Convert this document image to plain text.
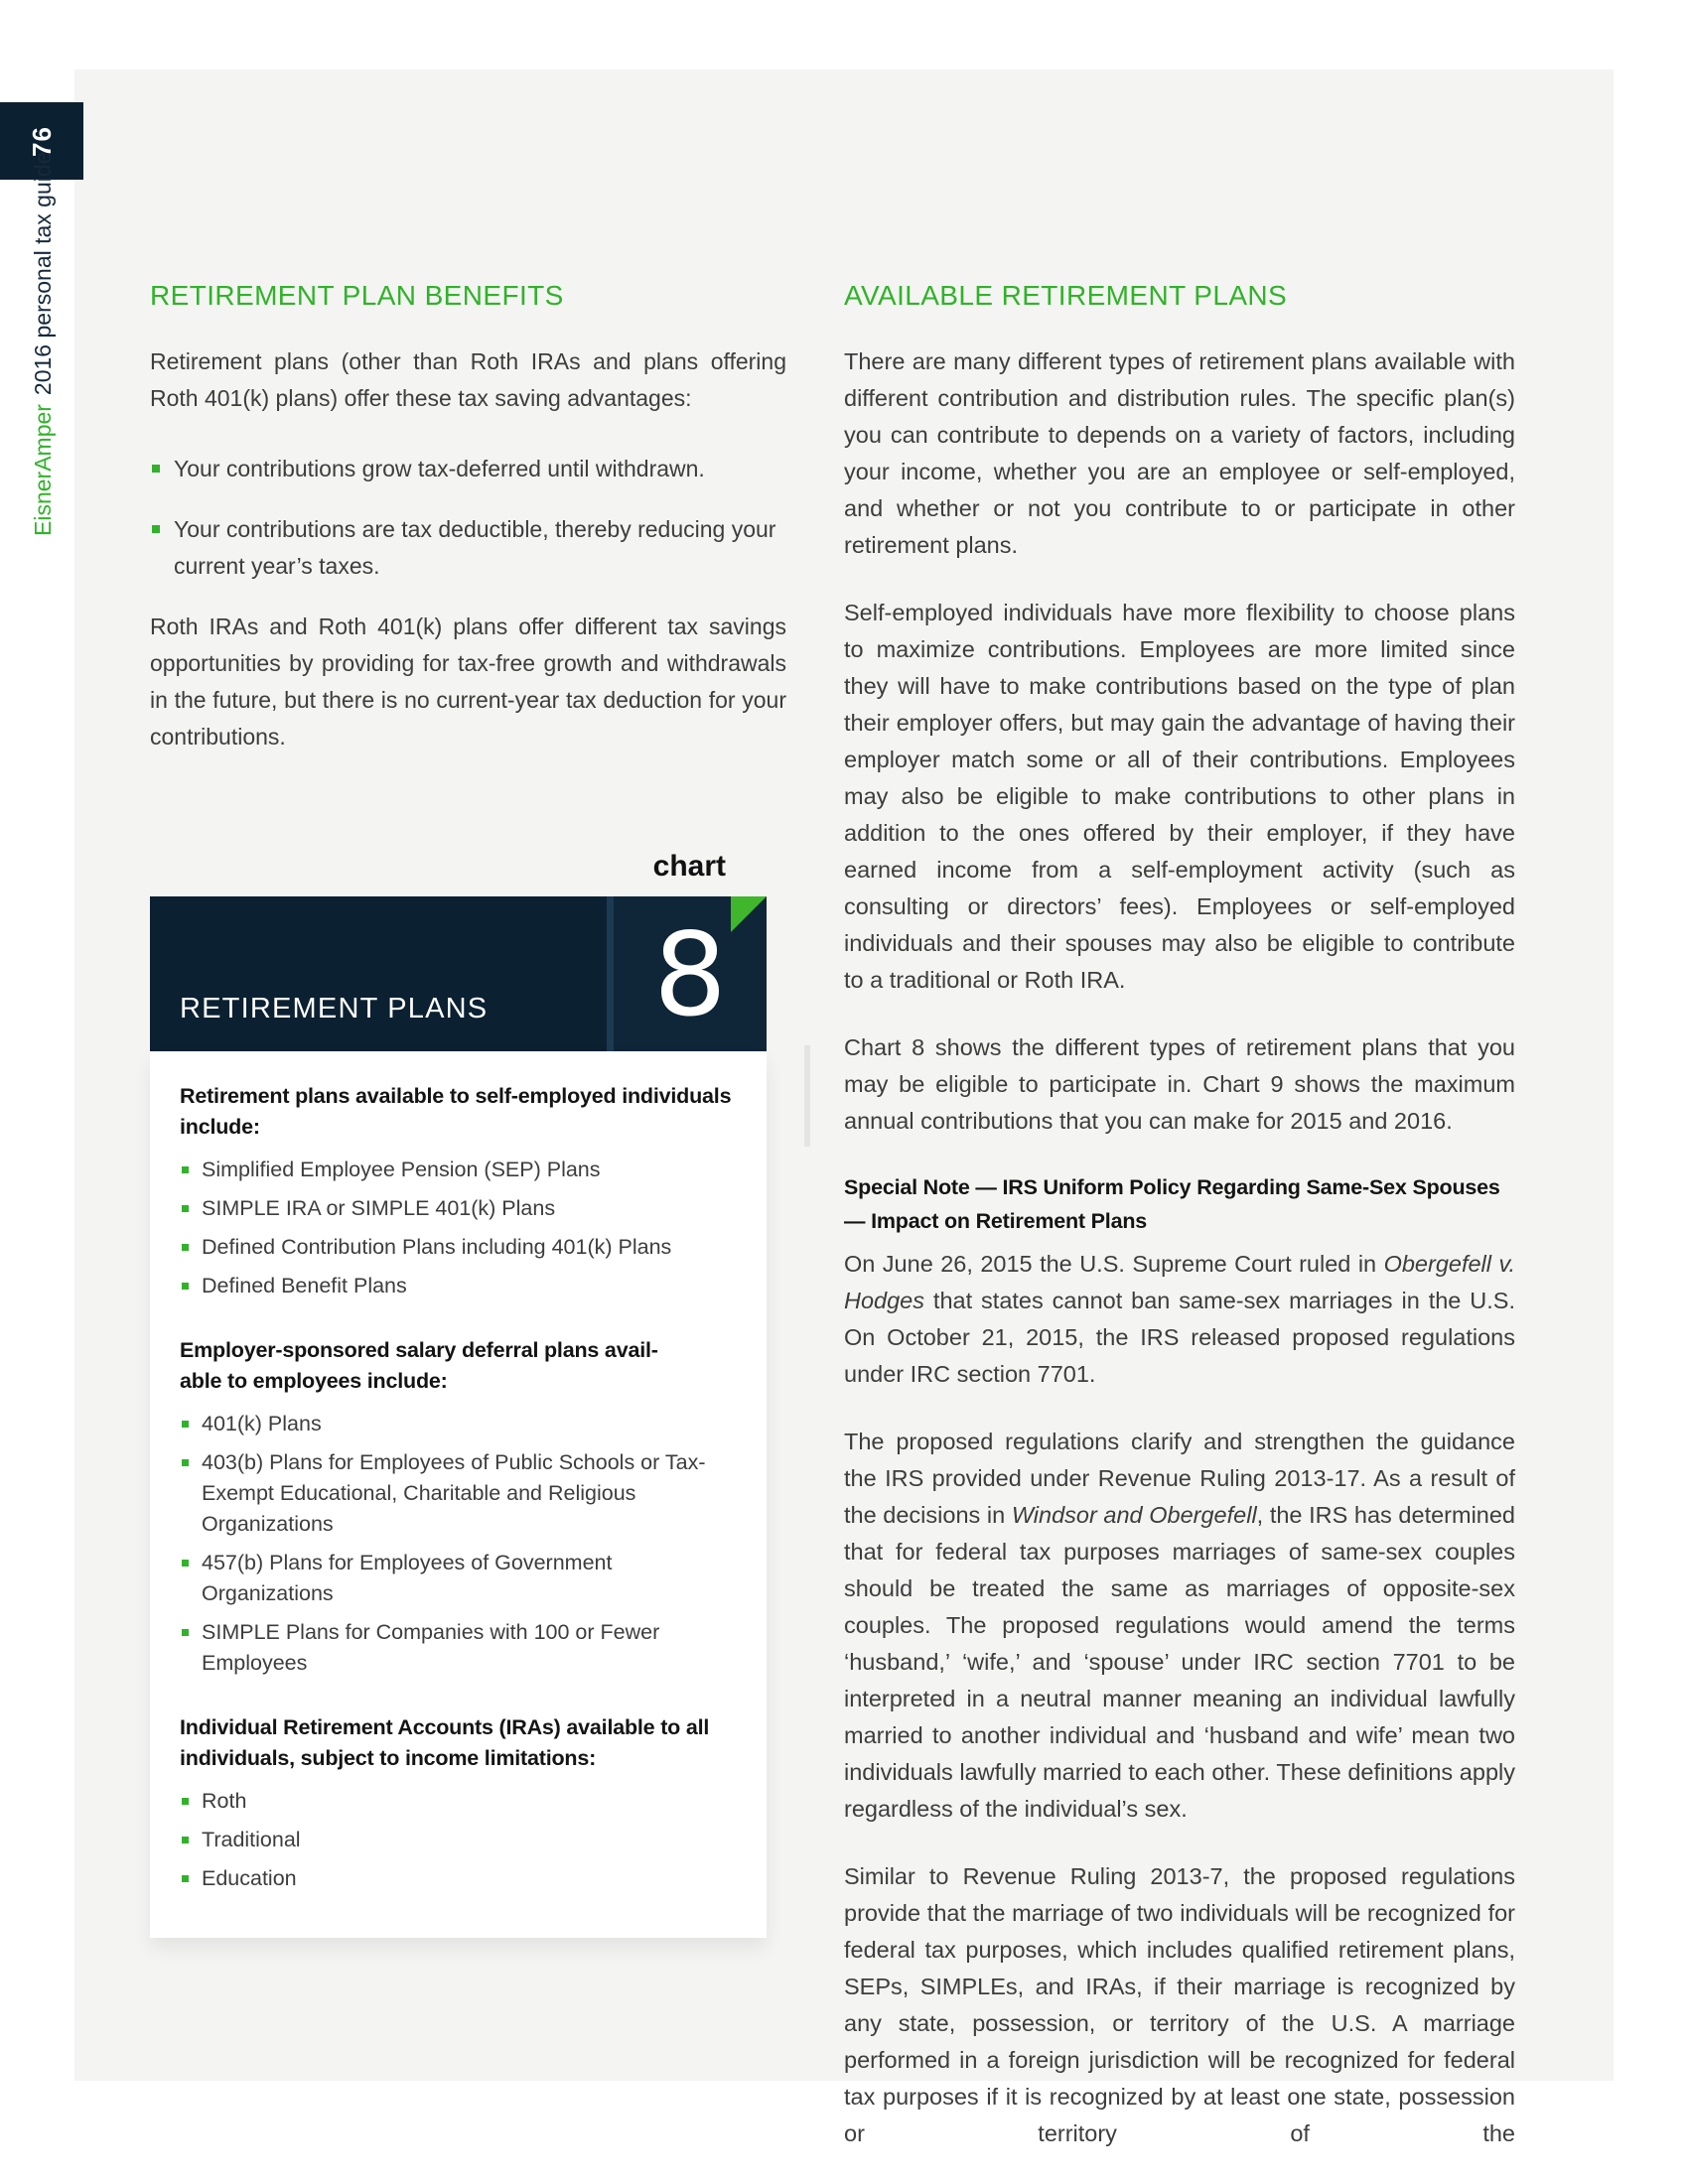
76
EisnerAmper
2016 personal tax guide	RETIREMENT PLAN BENEFITS

Retirement plans (other than Roth IRAs and plans offering Roth 401(k) plans) offer these tax saving advantages:

Your contributions grow tax-deferred until withdrawn.
Your contributions are tax deductible, thereby reducing your current year’s taxes.

Roth IRAs and Roth 401(k) plans offer different tax savings opportunities by providing for tax-free growth and withdrawals in the future, but there is no current-year tax deduction for your contributions.

chart
RETIREMENT PLANS 8
Retirement plans available to self-employed individuals include:
Simplified Employee Pension (SEP) Plans
SIMPLE IRA or SIMPLE 401(k) Plans
Defined Contribution Plans including 401(k) Plans
Defined Benefit Plans
Employer-sponsored salary deferral plans avail-
able to employees include:
401(k) Plans
403(b) Plans for Employees of Public Schools or Tax-Exempt Educational, Charitable and Religious Organizations
457(b) Plans for Employees of Government Organizations
SIMPLE Plans for Companies with 100 or Fewer Employees
Individual Retirement Accounts (IRAs) available to all individuals, subject to income limitations:
Roth
Traditional
Education
AVAILABLE RETIREMENT PLANS

There are many different types of retirement plans available with different contribution and distribution rules. The specific plan(s) you can contribute to depends on a variety of factors, including your income, whether you are an employee or self-employed, and whether or not you contribute to or participate in other retirement plans.

Self-employed individuals have more flexibility to choose plans to maximize contributions. Employees are more limited since they will have to make contributions based on the type of plan their employer offers, but may gain the advantage of having their employer match some or all of their contributions. Employees may also be eligible to make contributions to other plans in addition to the ones offered by their employer, if they have earned income from a self-employment activity (such as consulting or directors’ fees). Employees or self-employed individuals and their spouses may also be eligible to contribute to a traditional or Roth IRA.

Chart 8 shows the different types of retirement plans that you may be eligible to participate in. Chart 9 shows the maximum annual contributions that you can make for 2015 and 2016.

Special Note — IRS Uniform Policy Regarding Same-Sex Spouses
— Impact on Retirement Plans

On June 26, 2015 the U.S. Supreme Court ruled in Obergefell v. Hodges that states cannot ban same-sex marriages in the U.S. On October 21, 2015, the IRS released proposed regulations under IRC section 7701.

The proposed regulations clarify and strengthen the guidance the IRS provided under Revenue Ruling 2013-17. As a result of the decisions in Windsor and Obergefell, the IRS has determined that for federal tax purposes marriages of same-sex couples should be treated the same as marriages of opposite-sex couples. The proposed regulations would amend the terms ‘husband,’ ‘wife,’ and ‘spouse’ under IRC section 7701 to be interpreted in a neutral manner meaning an individual lawfully married to another individual and ‘husband and wife’ mean two individuals lawfully married to each other. These definitions apply regardless of the individual’s sex.

Similar to Revenue Ruling 2013-7, the proposed regulations provide that the marriage of two individuals will be recognized for federal tax purposes, which includes qualified retirement plans, SEPs, SIMPLEs, and IRAs, if their marriage is recognized by any state, possession, or territory of the U.S. A marriage performed in a foreign jurisdiction will be recognized for federal tax purposes if it is recognized by at least one state, possession or territory of the
